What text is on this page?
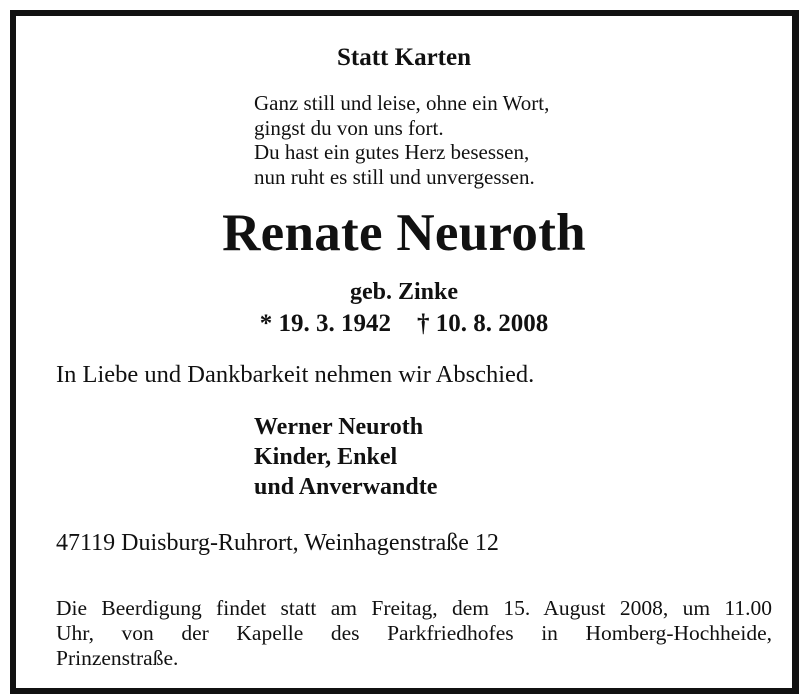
Statt Karten
Ganz still und leise, ohne ein Wort,
gingst du von uns fort.
Du hast ein gutes Herz besessen,
nun ruht es still und unvergessen.
Renate Neuroth
geb. Zinke
* 19. 3. 1942 † 10. 8. 2008
In Liebe und Dankbarkeit nehmen wir Abschied.
Werner Neuroth
Kinder, Enkel
und Anverwandte
47119 Duisburg-Ruhrort, Weinhagenstraße 12
Die Beerdigung findet statt am Freitag, dem 15. August 2008, um 11.00
Uhr, von der Kapelle des Parkfriedhofes in Homberg-Hochheide,
Prinzenstraße.
